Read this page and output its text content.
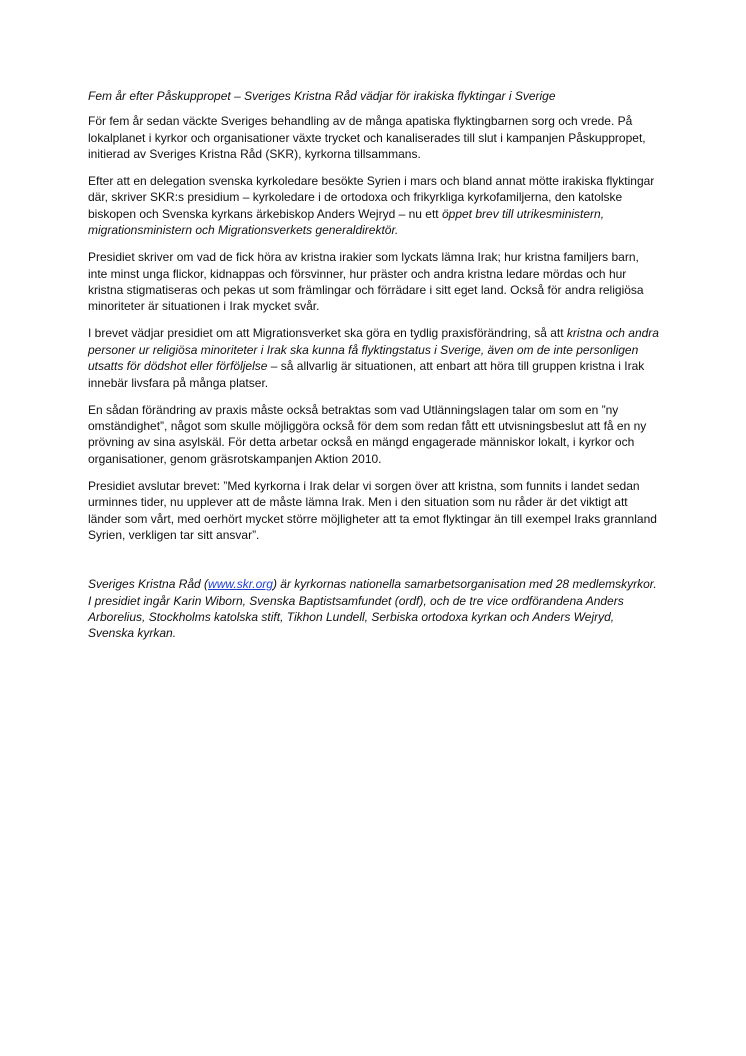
Fem år efter Påskuppropet – Sveriges Kristna Råd vädjar för irakiska flyktingar i Sverige

För fem år sedan väckte Sveriges behandling av de många apatiska flyktingbarnen sorg och vrede. På lokalplanet i kyrkor och organisationer växte trycket och kanaliserades till slut i kampanjen Påskuppropet, initierad av Sveriges Kristna Råd (SKR), kyrkorna tillsammans.

Efter att en delegation svenska kyrkoledare besökte Syrien i mars och bland annat mötte irakiska flyktingar där, skriver SKR:s presidium – kyrkoledare i de ortodoxa och frikyrkliga kyrkofamiljerna, den katolske biskopen och Svenska kyrkans ärkebiskop Anders Wejryd – nu ett öppet brev till utrikesministern, migrationsministern och Migrationsverkets generaldirektör.

Presidiet skriver om vad de fick höra av kristna irakier som lyckats lämna Irak; hur kristna familjers barn, inte minst unga flickor, kidnappas och försvinner, hur präster och andra kristna ledare mördas och hur kristna stigmatiseras och pekas ut som främlingar och förrädare i sitt eget land. Också för andra religiösa minoriteter är situationen i Irak mycket svår.

I brevet vädjar presidiet om att Migrationsverket ska göra en tydlig praxisförändring, så att kristna och andra personer ur religiösa minoriteter i Irak ska kunna få flyktingstatus i Sverige, även om de inte personligen utsatts för dödshot eller förföljelse – så allvarlig är situationen, att enbart att höra till gruppen kristna i Irak innebär livsfara på många platser.

En sådan förändring av praxis måste också betraktas som vad Utlänningslagen talar om som en ”ny omständighet”, något som skulle möjliggöra också för dem som redan fått ett utvisningsbeslut att få en ny prövning av sina asylskäl. För detta arbetar också en mängd engagerade människor lokalt, i kyrkor och organisationer, genom gräsrotskampanjen Aktion 2010.

Presidiet avslutar brevet: ”Med kyrkorna i Irak delar vi sorgen över att kristna, som funnits i landet sedan urminnes tider, nu upplever att de måste lämna Irak. Men i den situation som nu råder är det viktigt att länder som vårt, med oerhört mycket större möjligheter att ta emot flyktingar än till exempel Iraks grannland Syrien, verkligen tar sitt ansvar”.

Sveriges Kristna Råd (www.skr.org) är kyrkornas nationella samarbetsorganisation med 28 medlemskyrkor. I presidiet ingår Karin Wiborn, Svenska Baptistsamfundet (ordf), och de tre vice ordförandena Anders Arborelius, Stockholms katolska stift, Tikhon Lundell, Serbiska ortodoxa kyrkan och Anders Wejryd, Svenska kyrkan.
